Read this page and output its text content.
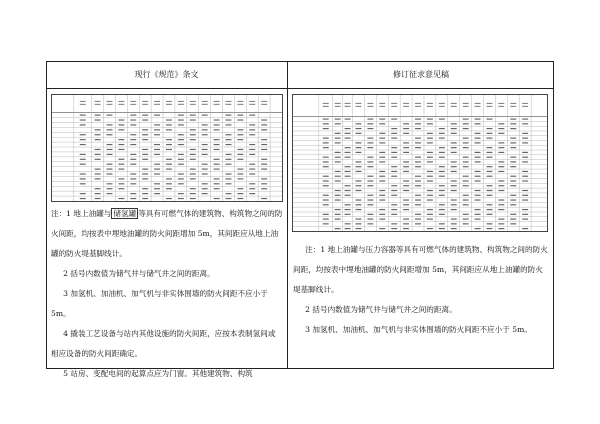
现行《规范》条文	修订征求意见稿

注：1 地上油罐与 储氢罐 等具有可燃气体的建筑物、构筑物之间的防火间距，均按表中埋地油罐的防火间距增加 5m，其间距应从地上油罐的防火堤基脚线计。

2 括号内数值为储气井与储气井之间的距离。

3 加氢机、加油机、加气机与非实体围墙的防火间距不应小于 5m。

4 撬装工艺设备与站内其他设施的防火间距，应按本表制氢间或相应设备的防火间距确定。

5 站房、变配电间的起算点应为门窗。其他建筑物、构筑

注：1 地上油罐与压力容器等具有可燃气体的建筑物、构筑物之间的防火间距，均按表中埋地油罐的防火间距增加 5m，其间距应从地上油罐的防火堤基脚线计。

2 括号内数值为储气井与储气井之间的距离。

3 加氢机、加油机、加气机与非实体围墙的防火间距不应小于 5m。
